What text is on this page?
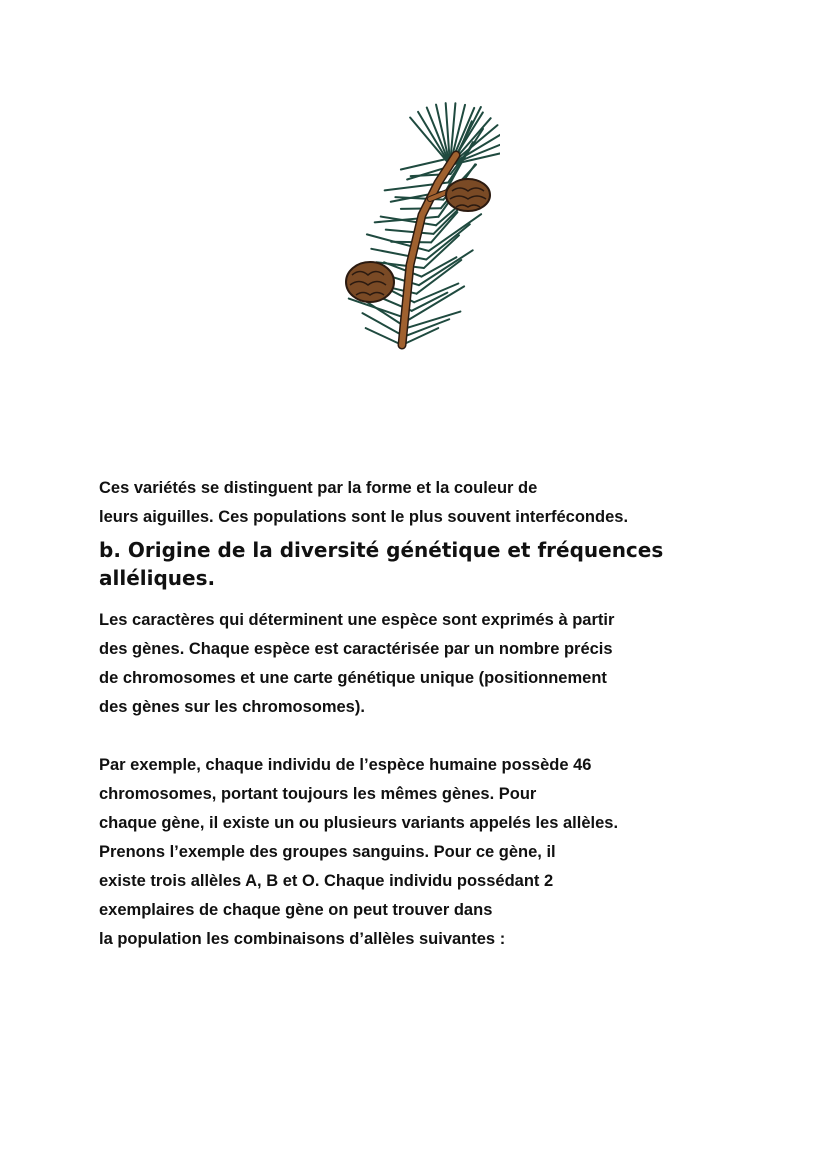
Ces variétés se distinguent par la forme et la couleur de
leurs aiguilles. Ces populations sont le plus souvent interfécondes.

b. Origine de la diversité génétique et fréquences
alléliques.

Les caractères qui déterminent une espèce sont exprimés à partir
des gènes. Chaque espèce est caractérisée par un nombre précis
de chromosomes et une carte génétique unique (positionnement
des gènes sur les chromosomes).

Par exemple, chaque individu de l’espèce humaine possède 46
chromosomes, portant toujours les mêmes gènes. Pour
chaque gène, il existe un ou plusieurs variants appelés les allèles.
Prenons l’exemple des groupes sanguins. Pour ce gène, il
existe trois allèles A, B et O. Chaque individu possédant 2
exemplaires de chaque gène on peut trouver dans
la population les combinaisons d’allèles suivantes :
